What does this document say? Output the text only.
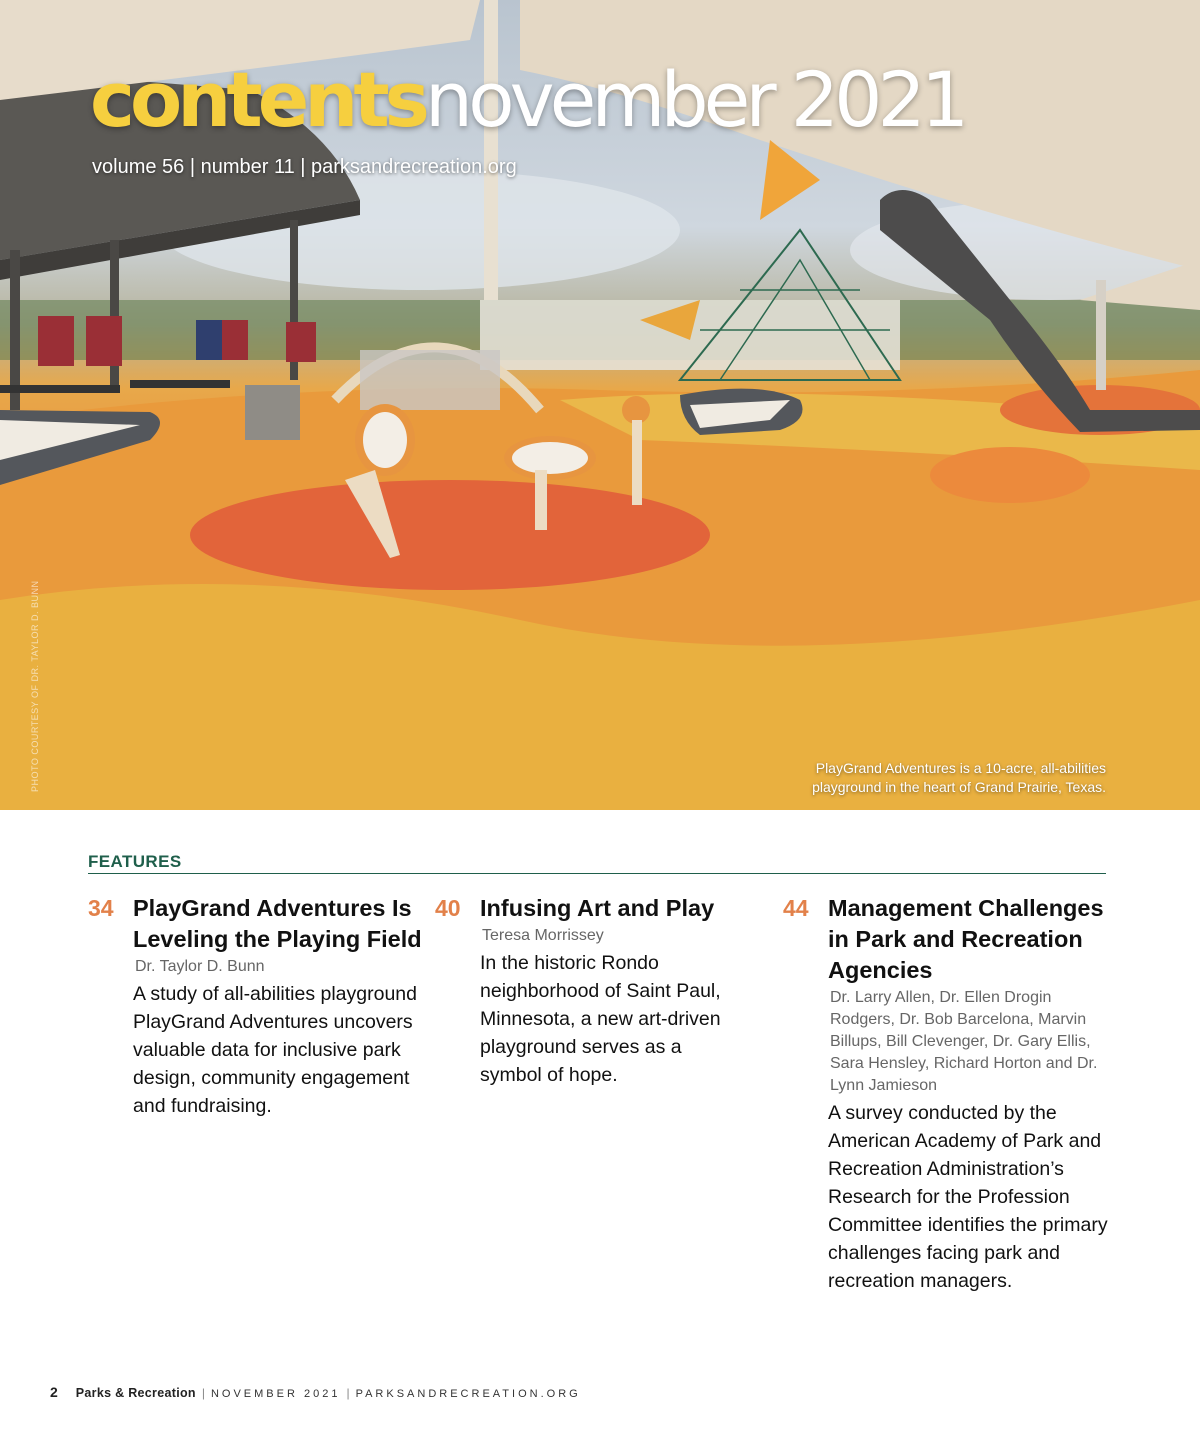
contentsnovember 2021
volume 56 | number 11 | parksandrecreation.org
PHOTO COURTESY OF DR. TAYLOR D. BUNN	PlayGrand Adventures is a 10-acre, all-abilities playground in the heart of Grand Prairie, Texas.
FEATURES
34 PlayGrand Adventures Is Leveling the Playing Field

Dr. Taylor D. Bunn

A study of all-abilities playground PlayGrand Adventures uncovers valuable data for inclusive park design, community engagement and fundraising.

40 Infusing Art and Play

Teresa Morrissey

In the historic Rondo neighborhood of Saint Paul, Minnesota, a new art-driven playground serves as a symbol of hope.

44 Management Challenges in Park and Recreation Agencies

Dr. Larry Allen, Dr. Ellen Drogin Rodgers, Dr. Bob Barcelona, Marvin Billups, Bill Clevenger, Dr. Gary Ellis, Sara Hensley, Richard Horton and Dr. Lynn Jamieson

A survey conducted by the American Academy of Park and Recreation Administration’s Research for the Profession Committee identifies the primary challenges facing park and recreation managers.

2 Parks & Recreation | NOVEMBER 2021 | PARKSANDRECREATION.ORG
